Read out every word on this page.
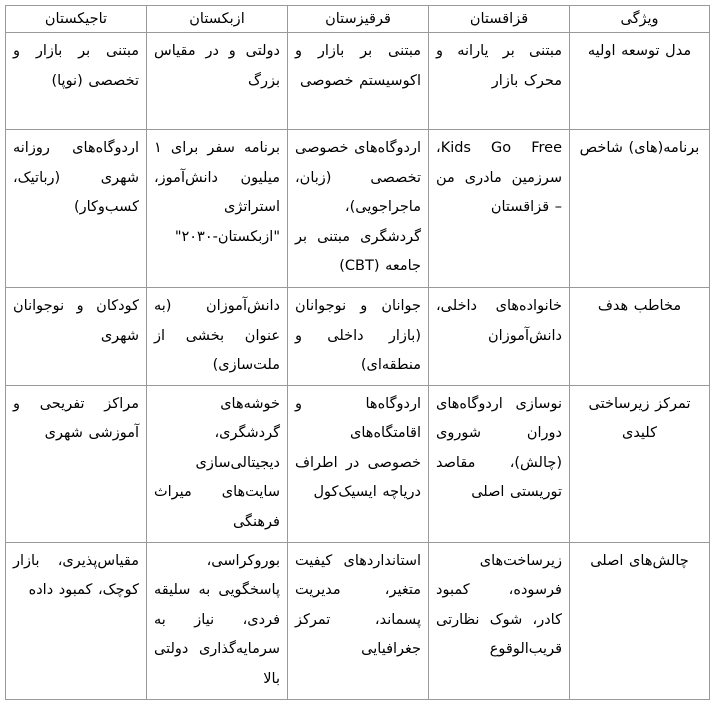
ویژگی	قزاقستان	قرقیزستان	ازبکستان	تاجیکستان
مدل توسعه اولیه	مبتنی بر یارانه و محرک بازار	مبتنی بر بازار و اکوسیستم خصوصی	دولتی و در مقیاس بزرگ	مبتنی بر بازار و تخصصی (نوپا)
برنامه(های) شاخص	Kids Go Free، سرزمین مادری من – قزاقستان	اردوگاه‌های خصوصی تخصصی (زبان، ماجراجویی)، گردشگری مبتنی بر جامعه (CBT)	برنامه سفر برای ۱ میلیون دانش‌آموز، استراتژی "ازبکستان-۲۰۳۰"	اردوگاه‌های روزانه شهری (رباتیک، کسب‌وکار)
مخاطب هدف	خانواده‌های داخلی، دانش‌آموزان	جوانان و نوجوانان (بازار داخلی و منطقه‌ای)	دانش‌آموزان (به عنوان بخشی از ملت‌سازی)	کودکان و نوجوانان شهری
تمرکز زیرساختی کلیدی	نوسازی اردوگاه‌های دوران شوروی (چالش)، مقاصد توریستی اصلی	اردوگاه‌ها و اقامتگاه‌های خصوصی در اطراف دریاچه ایسیک‌کول	خوشه‌های گردشگری، دیجیتالی‌سازی سایت‌های میراث فرهنگی	مراکز تفریحی و آموزشی شهری
چالش‌های اصلی	زیرساخت‌های فرسوده، کمبود کادر، شوک نظارتی قریب‌الوقوع	استانداردهای کیفیت متغیر، مدیریت پسماند، تمرکز جغرافیایی	بوروکراسی، پاسخگویی به سلیقه فردی، نیاز به سرمایه‌گذاری دولتی بالا	مقیاس‌پذیری، بازار کوچک، کمبود داده
